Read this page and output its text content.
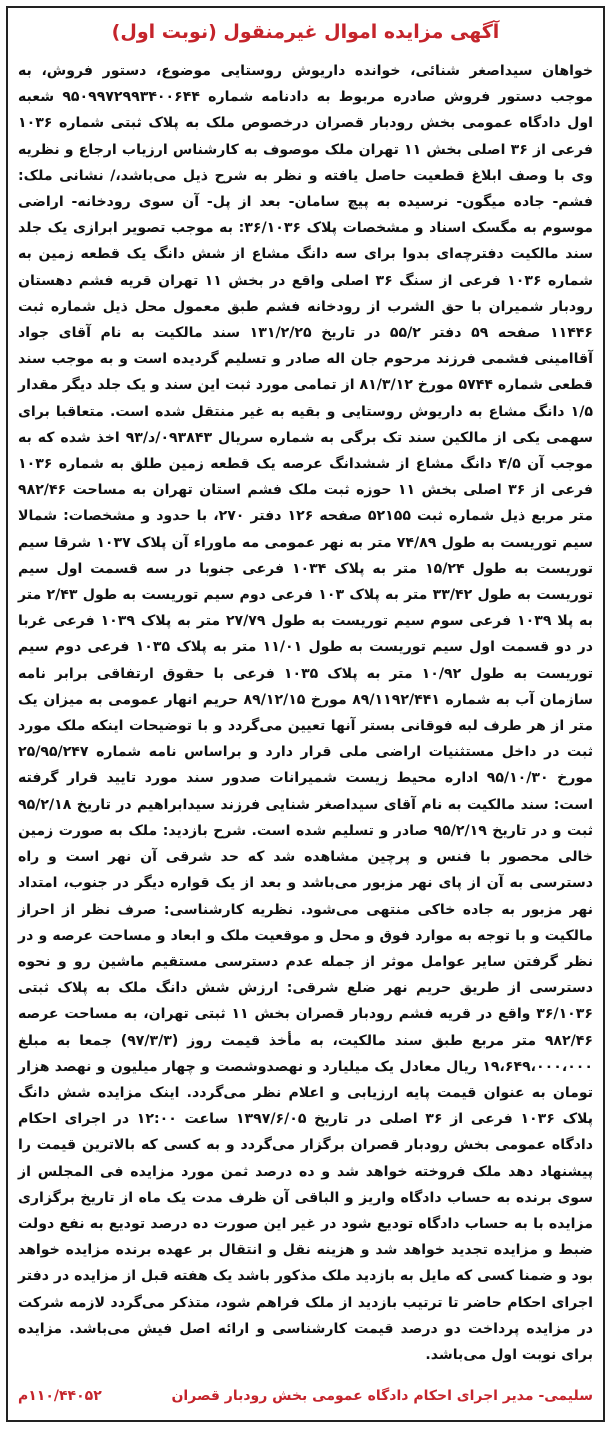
آگهی مزایده اموال غیرمنقول (نوبت اول)
خواهان سیداصغر شنائی، خوانده داریوش روستایی موضوع، دستور فروش، به موجب دستور فروش صادره مربوط به دادنامه شماره ۹۵۰۹۹۷۲۹۹۳۴۰۰۶۴۴ شعبه اول دادگاه عمومی بخش رودبار قصران درخصوص ملک به پلاک ثبتی شماره ۱۰۳۶ فرعی از ۳۶ اصلی بخش ۱۱ تهران ملک موصوف به کارشناس ارزیاب ارجاع و نظریه وی با وصف ابلاغ قطعیت حاصل یافته و نظر به شرح ذیل می‌باشد،/ نشانی ملک: فشم- جاده میگون- نرسیده به پیچ سامان- بعد از پل- آن سوی رودخانه- اراضی موسوم به مگسک اسناد و مشخصات پلاک ۳۶/۱۰۳۶: به موجب تصویر ابرازی یک جلد سند مالکیت دفترچه‌ای بدوا برای سه دانگ مشاع از شش دانگ یک قطعه زمین به شماره ۱۰۳۶ فرعی از سنگ ۳۶ اصلی واقع در بخش ۱۱ تهران قریه فشم دهستان رودبار شمیران با حق الشرب از رودخانه فشم طبق معمول محل ذیل شماره ثبت ۱۱۴۴۶ صفحه ۵۹ دفتر ۵۵/۲ در تاریخ ۱۳۱/۲/۲۵ سند مالکیت به نام آقای جواد آقاامینی فشمی فرزند مرحوم جان اله صادر و تسلیم گردیده است و به موجب سند قطعی شماره ۵۷۴۴ مورخ ۸۱/۳/۱۲ از تمامی مورد ثبت این سند و یک جلد دیگر مقدار ۱/۵ دانگ مشاع به داریوش روستایی و بقیه به غیر منتقل شده است. متعاقبا برای سهمی یکی از مالکین سند تک برگی به شماره سریال ۰۹۳۸۴۳/د/۹۳ اخذ شده که به موجب آن ۴/۵ دانگ مشاع از ششدانگ عرصه یک قطعه زمین طلق به شماره ۱۰۳۶ فرعی از ۳۶ اصلی بخش ۱۱ حوزه ثبت ملک فشم استان تهران به مساحت ۹۸۲/۴۶ متر مربع ذیل شماره ثبت ۵۲۱۵۵ صفحه ۱۲۶ دفتر ۲۷۰، با حدود و مشخصات: شمالا سیم توریست به طول ۷۴/۸۹ متر به نهر عمومی مه ماوراء آن پلاک ۱۰۳۷ شرقا سیم توریست به طول ۱۵/۲۴ متر به پلاک ۱۰۳۴ فرعی جنوبا در سه قسمت اول سیم توریست به طول ۳۳/۴۲ متر به پلاک ۱۰۳ فرعی دوم سیم توریست به طول ۲/۴۳ متر به پلا ۱۰۳۹ فرعی سوم سیم توریست به طول ۲۷/۷۹ متر به پلاک ۱۰۳۹ فرعی غربا در دو قسمت اول سیم توریست به طول ۱۱/۰۱ متر به پلاک ۱۰۳۵ فرعی دوم سیم توریست به طول ۱۰/۹۲ متر به پلاک ۱۰۳۵ فرعی با حقوق ارتفاقی برابر نامه سازمان آب به شماره ۸۹/۱۱۹۲/۴۴۱ مورخ ۸۹/۱۲/۱۵ حریم انهار عمومی به میزان یک متر از هر طرف لبه فوقانی بستر آنها تعیین می‌گردد و با توضیحات اینکه ملک مورد ثبت در داخل مستثنیات اراضی ملی قرار دارد و براساس نامه شماره ۲۵/۹۵/۲۴۷ مورخ ۹۵/۱۰/۳۰ اداره محیط زیست شمیرانات صدور سند مورد تایید قرار گرفته است: سند مالکیت به نام آقای سیداصغر شنایی فرزند سیدابراهیم در تاریخ ۹۵/۲/۱۸ ثبت و در تاریخ ۹۵/۲/۱۹ صادر و تسلیم شده است. شرح بازدید: ملک به صورت زمین خالی محصور با فنس و پرچین مشاهده شد که حد شرقی آن نهر است و راه دسترسی به آن از پای نهر مزبور می‌باشد و بعد از یک قواره دیگر در جنوب، امتداد نهر مزبور به جاده خاکی منتهی می‌شود. نظریه کارشناسی: صرف نظر از احراز مالکیت و با توجه به موارد فوق و محل و موقعیت ملک و ابعاد و مساحت عرصه و در نظر گرفتن سایر عوامل موثر از جمله عدم دسترسی مستقیم ماشین رو و نحوه دسترسی از طریق حریم نهر ضلع شرقی: ارزش شش دانگ ملک به پلاک ثبتی ۳۶/۱۰۳۶ واقع در قریه فشم رودبار قصران بخش ۱۱ ثبتی تهران، به مساحت عرصه ۹۸۲/۴۶ متر مربع طبق سند مالکیت، به مأخذ قیمت روز (۹۷/۳/۳) جمعا به مبلغ ۱۹،۶۴۹،۰۰۰،۰۰۰ ریال معادل یک میلیارد و نهصدوشصت و چهار میلیون و نهصد هزار تومان به عنوان قیمت پایه ارزیابی و اعلام نظر می‌گردد. اینک مزایده شش دانگ پلاک ۱۰۳۶ فرعی از ۳۶ اصلی در تاریخ ۱۳۹۷/۶/۰۵ ساعت ۱۲:۰۰ در اجرای احکام دادگاه عمومی بخش رودبار قصران برگزار می‌گردد و به کسی که بالاترین قیمت را پیشنهاد دهد ملک فروخته خواهد شد و ده درصد ثمن مورد مزایده فی المجلس از سوی برنده به حساب دادگاه واریز و الباقی آن ظرف مدت یک ماه از تاریخ برگزاری مزایده با به حساب دادگاه تودیع شود در غیر این صورت ده درصد تودیع به نفع دولت ضبط و مزایده تجدید خواهد شد و هزینه نقل و انتقال بر عهده برنده مزایده خواهد بود و ضمنا کسی که مایل به بازدید ملک مذکور باشد یک هفته قبل از مزایده در دفتر اجرای احکام حاضر تا ترتیب بازدید از ملک فراهم شود، متذکر می‌گردد لازمه شرکت در مزایده پرداخت دو درصد قیمت کارشناسی و ارائه اصل فیش می‌باشد. مزایده برای نوبت اول می‌باشد.
سلیمی- مدیر اجرای احکام دادگاه عمومی بخش رودبار قصران
۱۱۰/۴۴۰۵۲م
